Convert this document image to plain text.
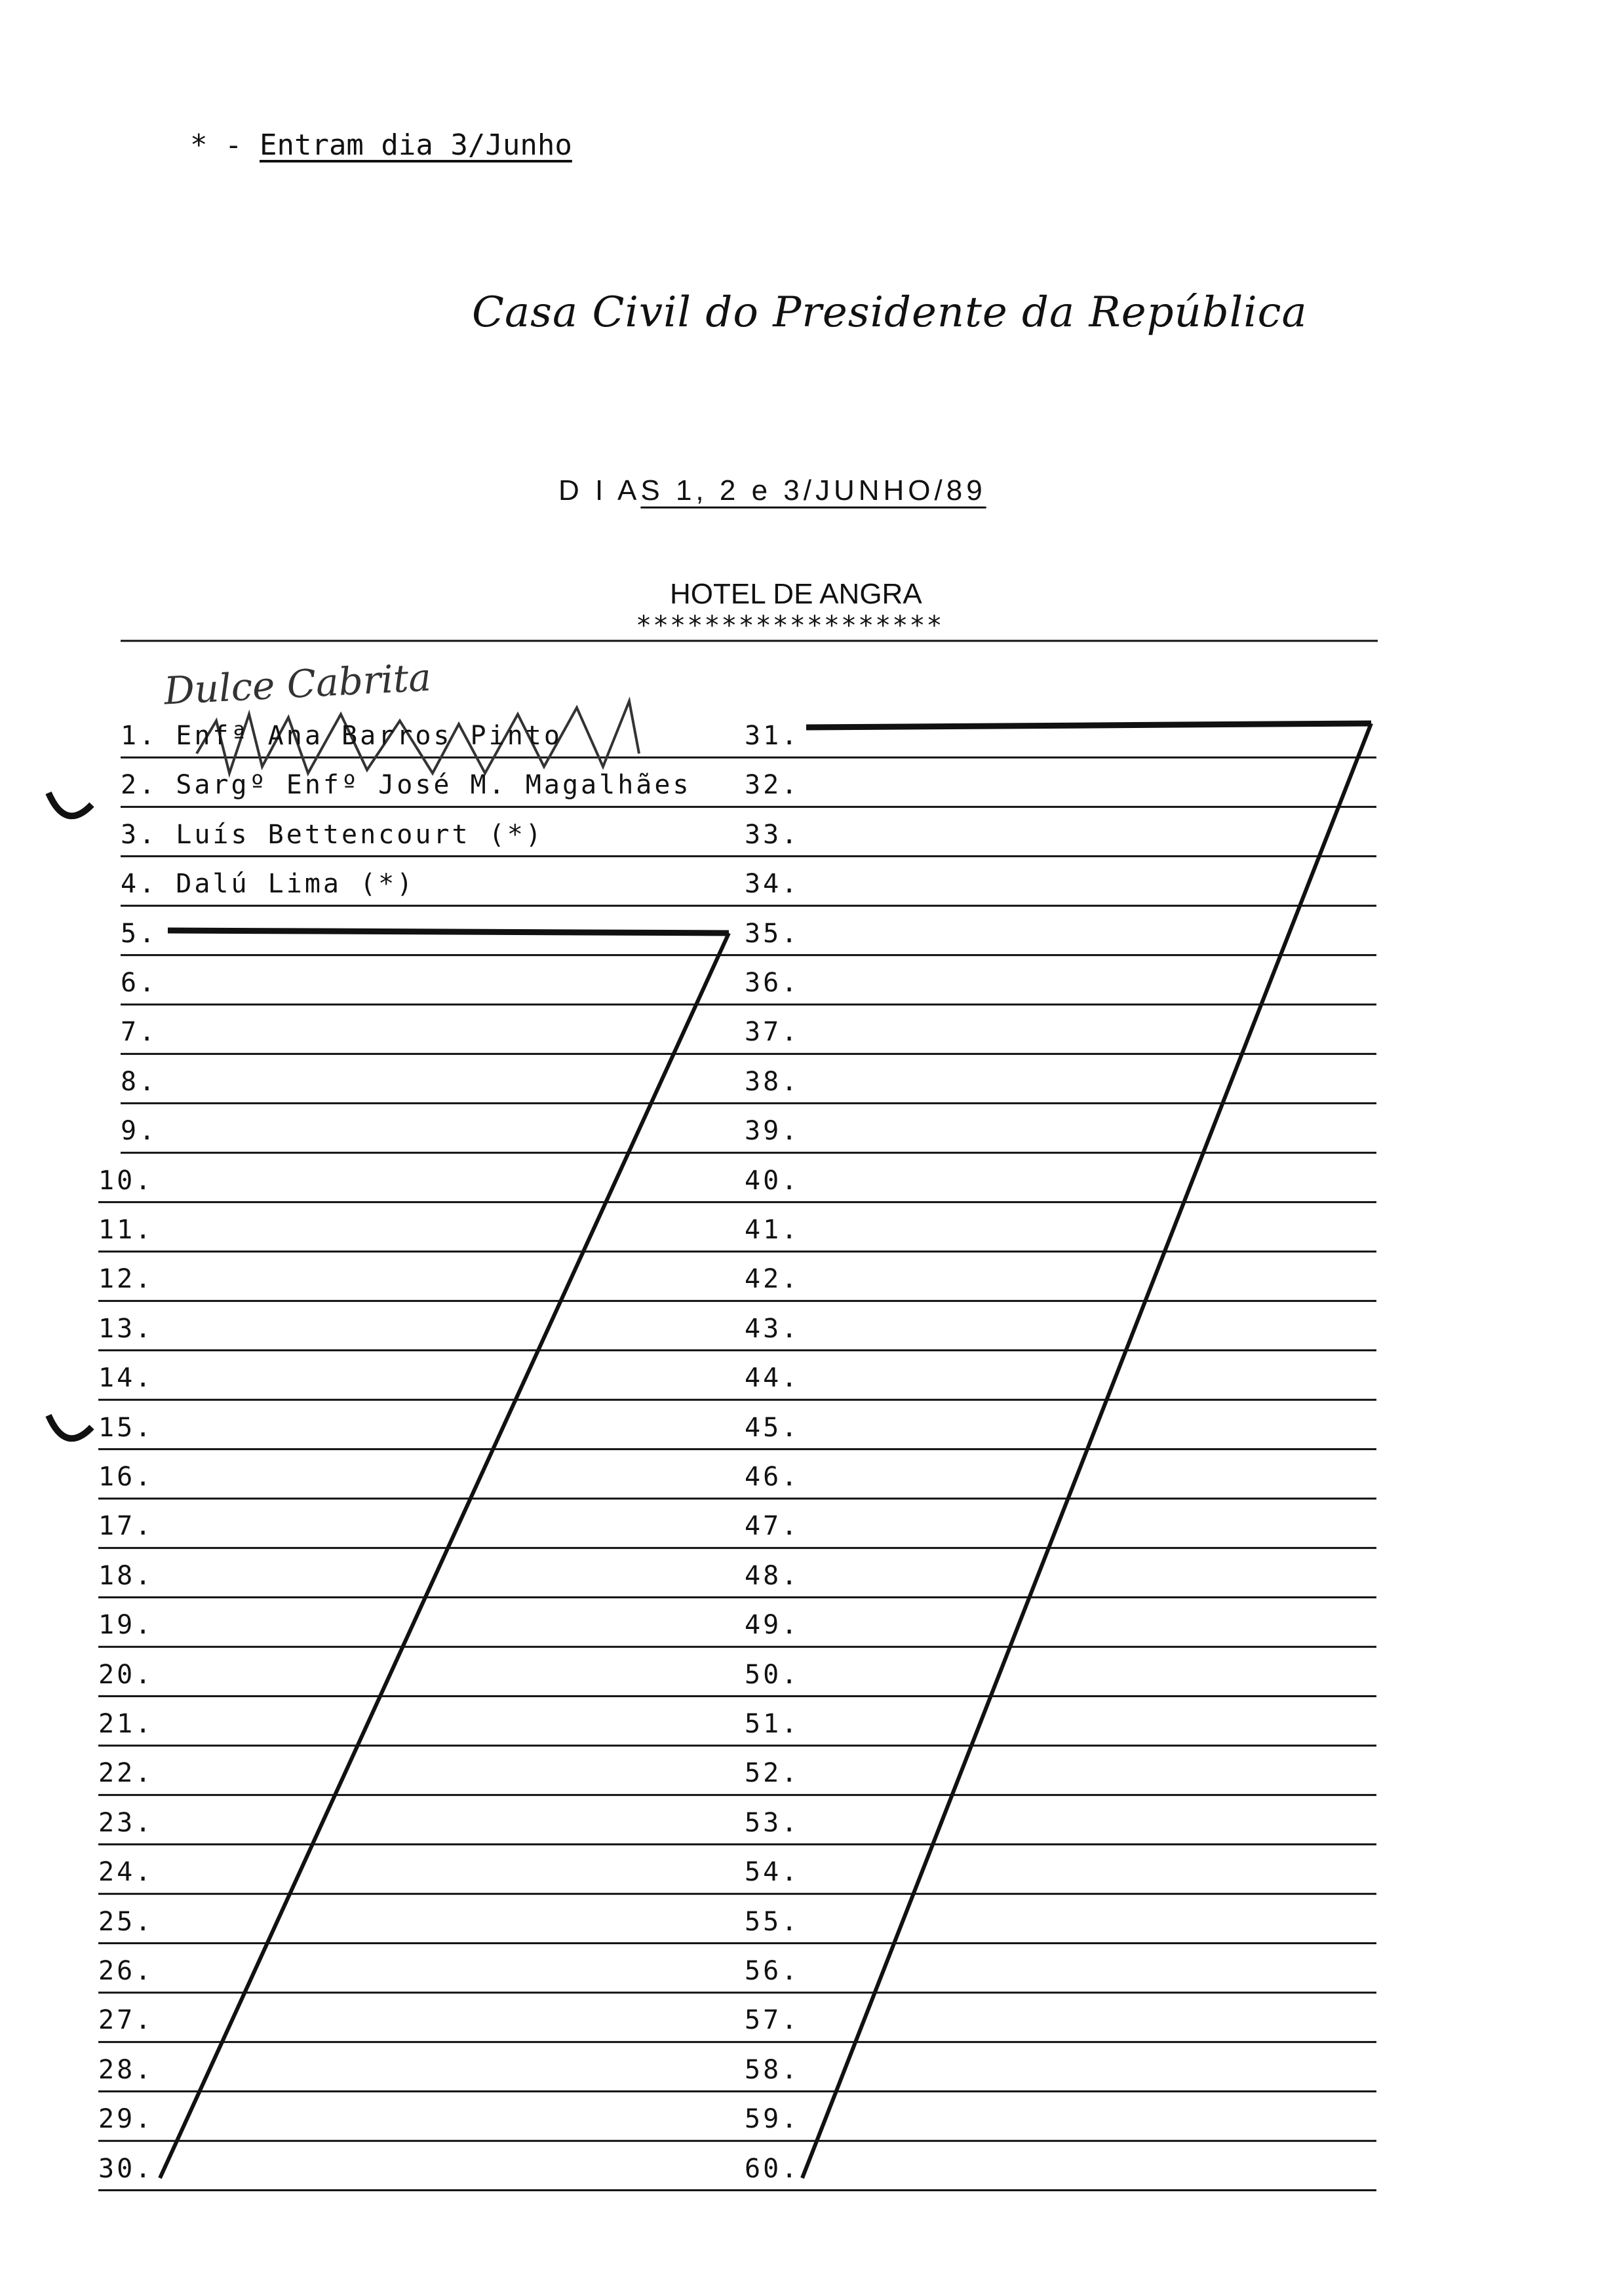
* - Entram dia 3/Junho
Casa Civil do Presidente da República
D I AS 1, 2 e 3/JUNHO/89
HOTEL DE ANGRA
******************
Dulce Cabrita
1. Enfª Ana Barros Pinto
2. Sargº Enfº José M. Magalhães
3. Luís Bettencourt (*)
4. Dalú Lima (*)
5.
6.
7.
8.
9.
10.
11.
12.
13.
14.
15.
16.
17.
18.
19.
20.
21.
22.
23.
24.
25.
26.
27.
28.
29.
30.
31.
32.
33.
34.
35.
36.
37.
38.
39.
40.
41.
42.
43.
44.
45.
46.
47.
48.
49.
50.
51.
52.
53.
54.
55.
56.
57.
58.
59.
60.
